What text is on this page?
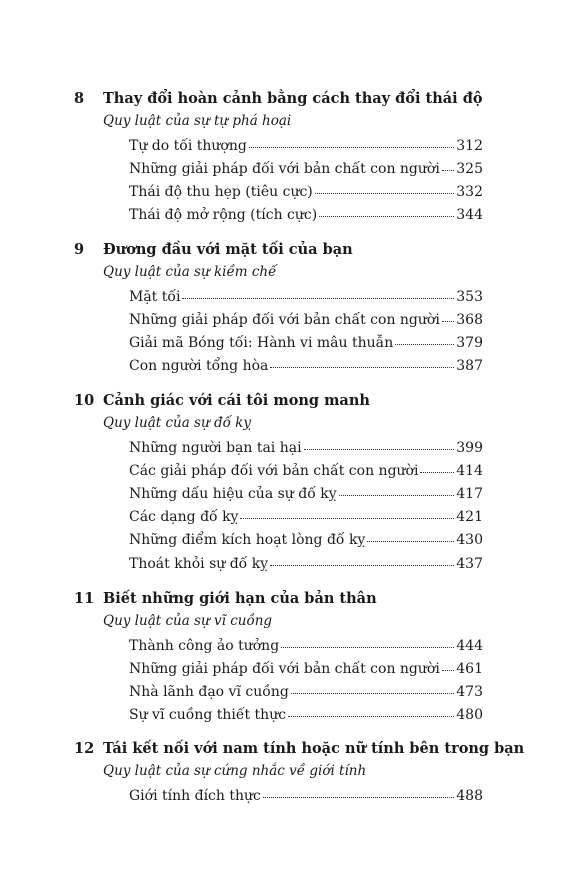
8 Thay đổi hoàn cảnh bằng cách thay đổi thái độ
Quy luật của sự tự phá hoại
Tự do tối thượng	312
Những giải pháp đối với bản chất con người 325
Thái độ thu hẹp (tiêu cực)	332
Thái độ mở rộng (tích cực)	344
9 Đương đầu với mặt tối của bạn
Quy luật của sự kiềm chế
Mặt tối	353
Những giải pháp đối với bản chất con người 368
Giải mã Bóng tối: Hành vi mâu thuẫn	379
Con người tổng hòa	387
10 Cảnh giác với cái tôi mong manh
Quy luật của sự đố kỵ
Những người bạn tai hại	399
Các giải pháp đối với bản chất con người	414
Những dấu hiệu của sự đố kỵ	417
Các dạng đố kỵ	421
Những điểm kích hoạt lòng đố kỵ	430
Thoát khỏi sự đố kỵ	437
11 Biết những giới hạn của bản thân
Quy luật của sự vĩ cuồng
Thành công ảo tưởng	444
Những giải pháp đối với bản chất con người 461
Nhà lãnh đạo vĩ cuồng	473
Sự vĩ cuồng thiết thực	480
12 Tái kết nối với nam tính hoặc nữ tính bên trong bạn
Quy luật của sự cứng nhắc về giới tính
Giới tính đích thực	488
